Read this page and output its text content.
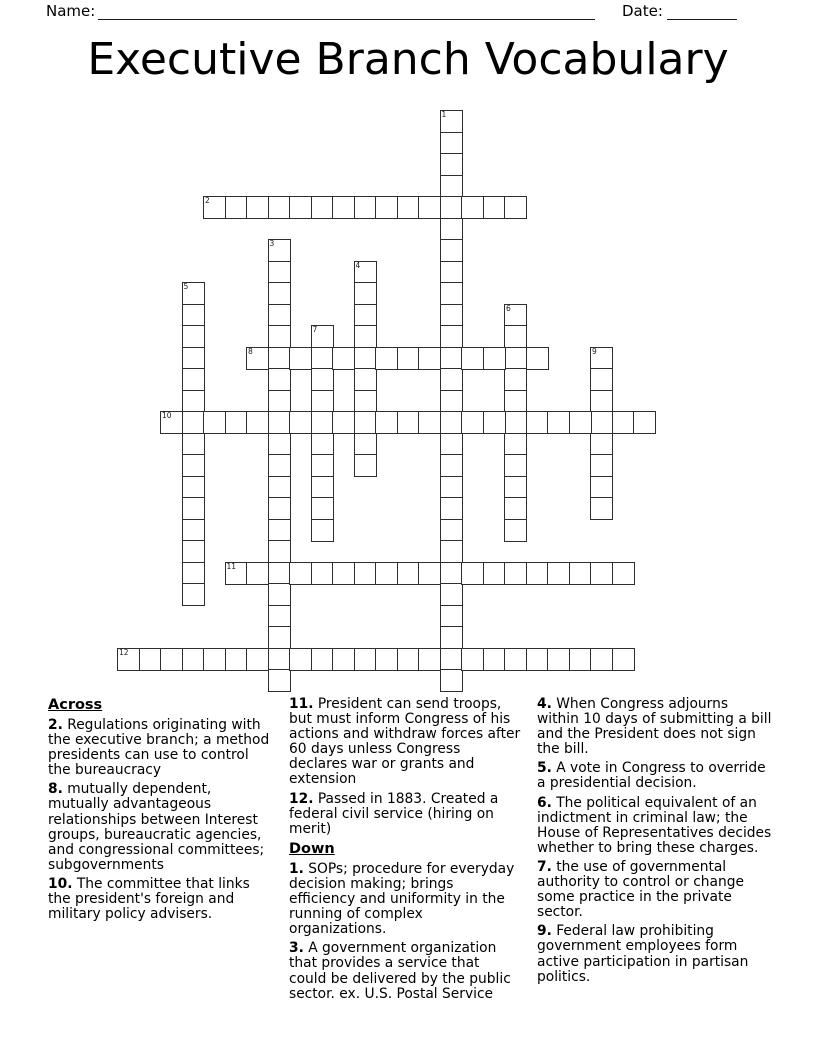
Name:	Date:
Executive Branch Vocabulary
1
2
3
4
5
6
7
8	9
10
11
12

Across

2. Regulations originating with the executive branch; a method presidents can use to control the bureaucracy

8. mutually dependent, mutually advantageous relationships between Interest groups, bureaucratic agencies, and congressional committees; subgovernments

10. The committee that links the president's foreign and military policy advisers.

11. President can send troops, but must inform Congress of his actions and withdraw forces after 60 days unless Congress declares war or grants and extension

12. Passed in 1883. Created a federal civil service (hiring on merit)

Down

1. SOPs; procedure for everyday decision making; brings efficiency and uniformity in the running of complex organizations.

3. A government organization that provides a service that could be delivered by the public sector. ex. U.S. Postal Service

4. When Congress adjourns within 10 days of submitting a bill and the President does not sign the bill.

5. A vote in Congress to override a presidential decision.

6. The political equivalent of an indictment in criminal law; the House of Representatives decides whether to bring these charges.

7. the use of governmental authority to control or change some practice in the private sector.

9. Federal law prohibiting government employees form active participation in partisan politics.
